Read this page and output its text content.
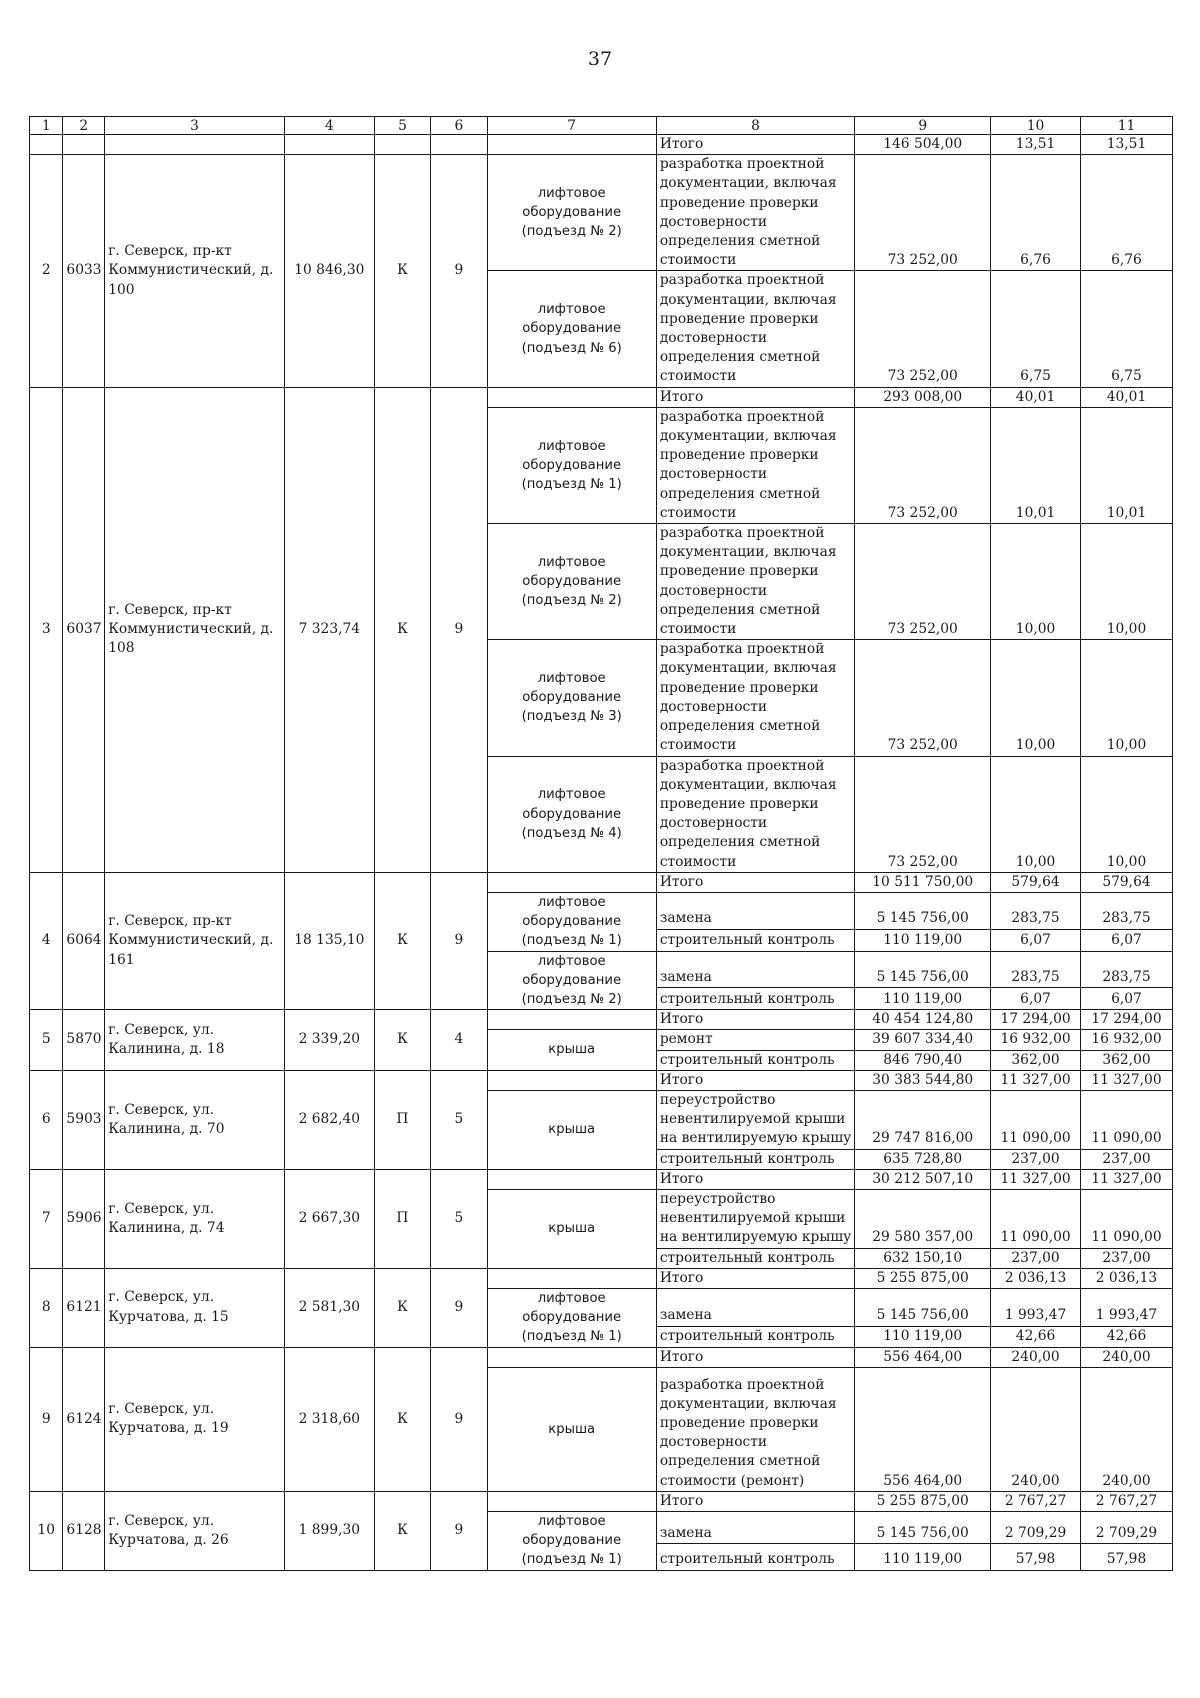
37
1	2	3	4	5	6	7	8	9	10	11
							Итого	146 504,00	13,51	13,51
2	6033	г. Северск, пр-кт Коммунистический, д. 100	10 846,30	К	9	лифтовое оборудование (подъезд № 2)	разработка проектной документации, включая проведение проверки достоверности определения сметной стоимости	73 252,00	6,76	6,76
						лифтовое оборудование (подъезд № 6)	разработка проектной документации, включая проведение проверки достоверности определения сметной стоимости	73 252,00	6,75	6,75
3	6037	г. Северск, пр-кт Коммунистический, д. 108	7 323,74	К	9		Итого	293 008,00	40,01	40,01
						лифтовое оборудование (подъезд № 1)	разработка проектной документации, включая проведение проверки достоверности определения сметной стоимости	73 252,00	10,01	10,01
						лифтовое оборудование (подъезд № 2)	разработка проектной документации, включая проведение проверки достоверности определения сметной стоимости	73 252,00	10,00	10,00
						лифтовое оборудование (подъезд № 3)	разработка проектной документации, включая проведение проверки достоверности определения сметной стоимости	73 252,00	10,00	10,00
						лифтовое оборудование (подъезд № 4)	разработка проектной документации, включая проведение проверки достоверности определения сметной стоимости	73 252,00	10,00	10,00
4	6064	г. Северск, пр-кт Коммунистический, д. 161	18 135,10	К	9		Итого	10 511 750,00	579,64	579,64
						лифтовое оборудование (подъезд № 1)	замена	5 145 756,00	283,75	283,75
							строительный контроль	110 119,00	6,07	6,07
						лифтовое оборудование (подъезд № 2)	замена	5 145 756,00	283,75	283,75
							строительный контроль	110 119,00	6,07	6,07
5	5870	г. Северск, ул. Калинина, д. 18	2 339,20	К	4		Итого	40 454 124,80	17 294,00	17 294,00
						крыша	ремонт	39 607 334,40	16 932,00	16 932,00
							строительный контроль	846 790,40	362,00	362,00
6	5903	г. Северск, ул. Калинина, д. 70	2 682,40	П	5		Итого	30 383 544,80	11 327,00	11 327,00
						крыша	переустройство невентилируемой крыши на вентилируемую крышу	29 747 816,00	11 090,00	11 090,00
							строительный контроль	635 728,80	237,00	237,00
7	5906	г. Северск, ул. Калинина, д. 74	2 667,30	П	5		Итого	30 212 507,10	11 327,00	11 327,00
						крыша	переустройство невентилируемой крыши на вентилируемую крышу	29 580 357,00	11 090,00	11 090,00
							строительный контроль	632 150,10	237,00	237,00
8	6121	г. Северск, ул. Курчатова, д. 15	2 581,30	К	9		Итого	5 255 875,00	2 036,13	2 036,13
						лифтовое оборудование (подъезд № 1)	замена	5 145 756,00	1 993,47	1 993,47
							строительный контроль	110 119,00	42,66	42,66
9	6124	г. Северск, ул. Курчатова, д. 19	2 318,60	К	9		Итого	556 464,00	240,00	240,00
						крыша	разработка проектной документации, включая проведение проверки достоверности определения сметной стоимости (ремонт)	556 464,00	240,00	240,00
10	6128	г. Северск, ул. Курчатова, д. 26	1 899,30	К	9		Итого	5 255 875,00	2 767,27	2 767,27
						лифтовое оборудование (подъезд № 1)	замена	5 145 756,00	2 709,29	2 709,29
							строительный контроль	110 119,00	57,98	57,98
